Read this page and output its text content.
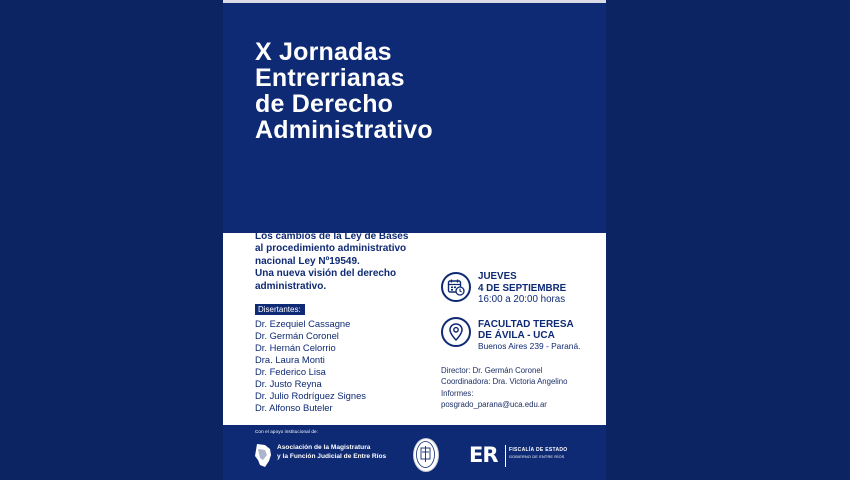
X Jornadas
Entrerrianas
de Derecho
Administrativo
Los cambios de la Ley de Bases
al procedimiento administrativo
nacional Ley Nº19549.
Una nueva visión del derecho
administrativo.
Disertantes:
Dr. Ezequiel Cassagne
Dr. Germán Coronel
Dr. Hernán Celorrio
Dra. Laura Monti
Dr. Federico Lisa
Dr. Justo Reyna
Dr. Julio Rodríguez Signes
Dr. Alfonso Buteler
JUEVES
4 DE SEPTIEMBRE
16:00 a 20:00 horas
FACULTAD TERESA
DE ÁVILA - UCA
Buenos Aires 239 - Paraná.
Director: Dr. Germán Coronel
Coordinadora: Dra. Victoria Angelino
Informes:
posgrado_parana@uca.edu.ar
Con el apoyo institucional de:
Asociación de la Magistratura
y la Función Judicial de Entre Ríos	ER FISCALÍA DE ESTADO
GOBIERNO DE ENTRE RÍOS
